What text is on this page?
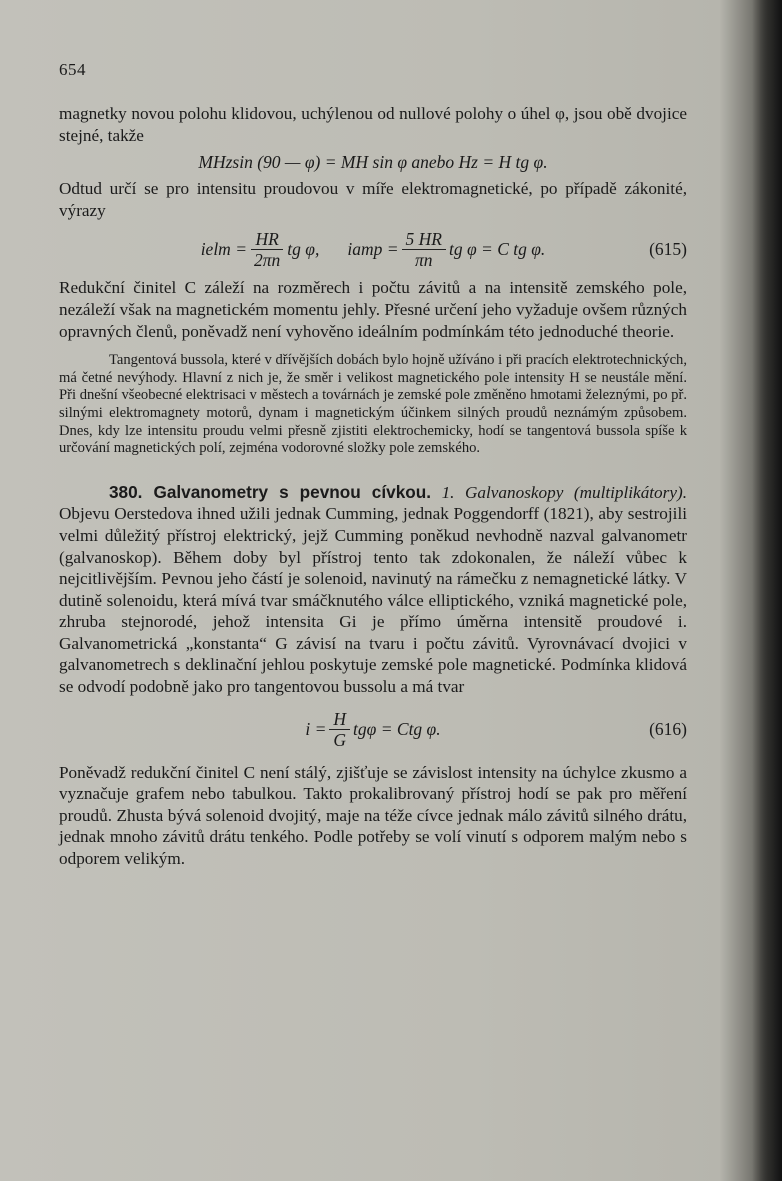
654

magnetky novou polohu klidovou, uchýlenou od nullové polohy o úhel φ, jsou obě dvojice stejné, takže

MHzsin (90 — φ) = MH sin φ anebo Hz = H tg φ.

Odtud určí se pro intensitu proudovou v míře elektromagnetické, po případě zákonité, výrazy

ielm = $\frac{HR}{2\pi n}$ tg φ, iamp = $\frac{5 HR}{\pi n}$ tg φ = C tg φ.	(615)

Redukční činitel C záleží na rozměrech i počtu závitů a na intensitě zemského pole, nezáleží však na magnetickém momentu jehly. Přesné určení jeho vyžaduje ovšem různých opravných členů, poněvadž není vyhověno ideálním podmínkám této jednoduché theorie.

Tangentová bussola, které v dřívějších dobách bylo hojně užíváno i při pracích elektrotechnických, má četné nevýhody. Hlavní z nich je, že směr i velikost magnetického pole intensity H se neustále mění. Při dnešní všeobecné elektrisaci v městech a továrnách je zemské pole změněno hmotami železnými, po př. silnými elektromagnety motorů, dynam i magnetickým účinkem silných proudů neznámým způsobem. Dnes, kdy lze intensitu proudu velmi přesně zjistiti elektrochemicky, hodí se tangentová bussola spíše k určování magnetických polí, zejména vodorovné složky pole zemského.

380. Galvanometry s pevnou cívkou. 1. Galvanoskopy (multiplikátory). Objevu Oerstedova ihned užili jednak Cumming, jednak Poggendorff (1821), aby sestrojili velmi důležitý přístroj elektrický, jejž Cumming poněkud nevhodně nazval galvanometr (galvanoskop). Během doby byl přístroj tento tak zdokonalen, že náleží vůbec k nejcitlivějším. Pevnou jeho částí je solenoid, navinutý na rámečku z nemagnetické látky. V dutině solenoidu, která mívá tvar smáčknutého válce elliptického, vzniká magnetické pole, zhruba stejnorodé, jehož intensita Gi je přímo úměrna intensitě proudové i. Galvanometrická „konstanta“ G závisí na tvaru i počtu závitů. Vyrovnávací dvojici v galvanometrech s deklinační jehlou poskytuje zemské pole magnetické. Podmínka klidová se odvodí podobně jako pro tangentovou bussolu a má tvar

$i = \frac{H}{G}$ tgφ = Ctg φ.	(616)

Poněvadž redukční činitel C není stálý, zjišťuje se závislost intensity na úchylce zkusmo a vyznačuje grafem nebo tabulkou. Takto prokalibrovaný přístroj hodí se pak pro měření proudů. Zhusta bývá solenoid dvojitý, maje na téže cívce jednak málo závitů silného drátu, jednak mnoho závitů drátu tenkého. Podle potřeby se volí vinutí s odporem malým nebo s odporem velikým.
